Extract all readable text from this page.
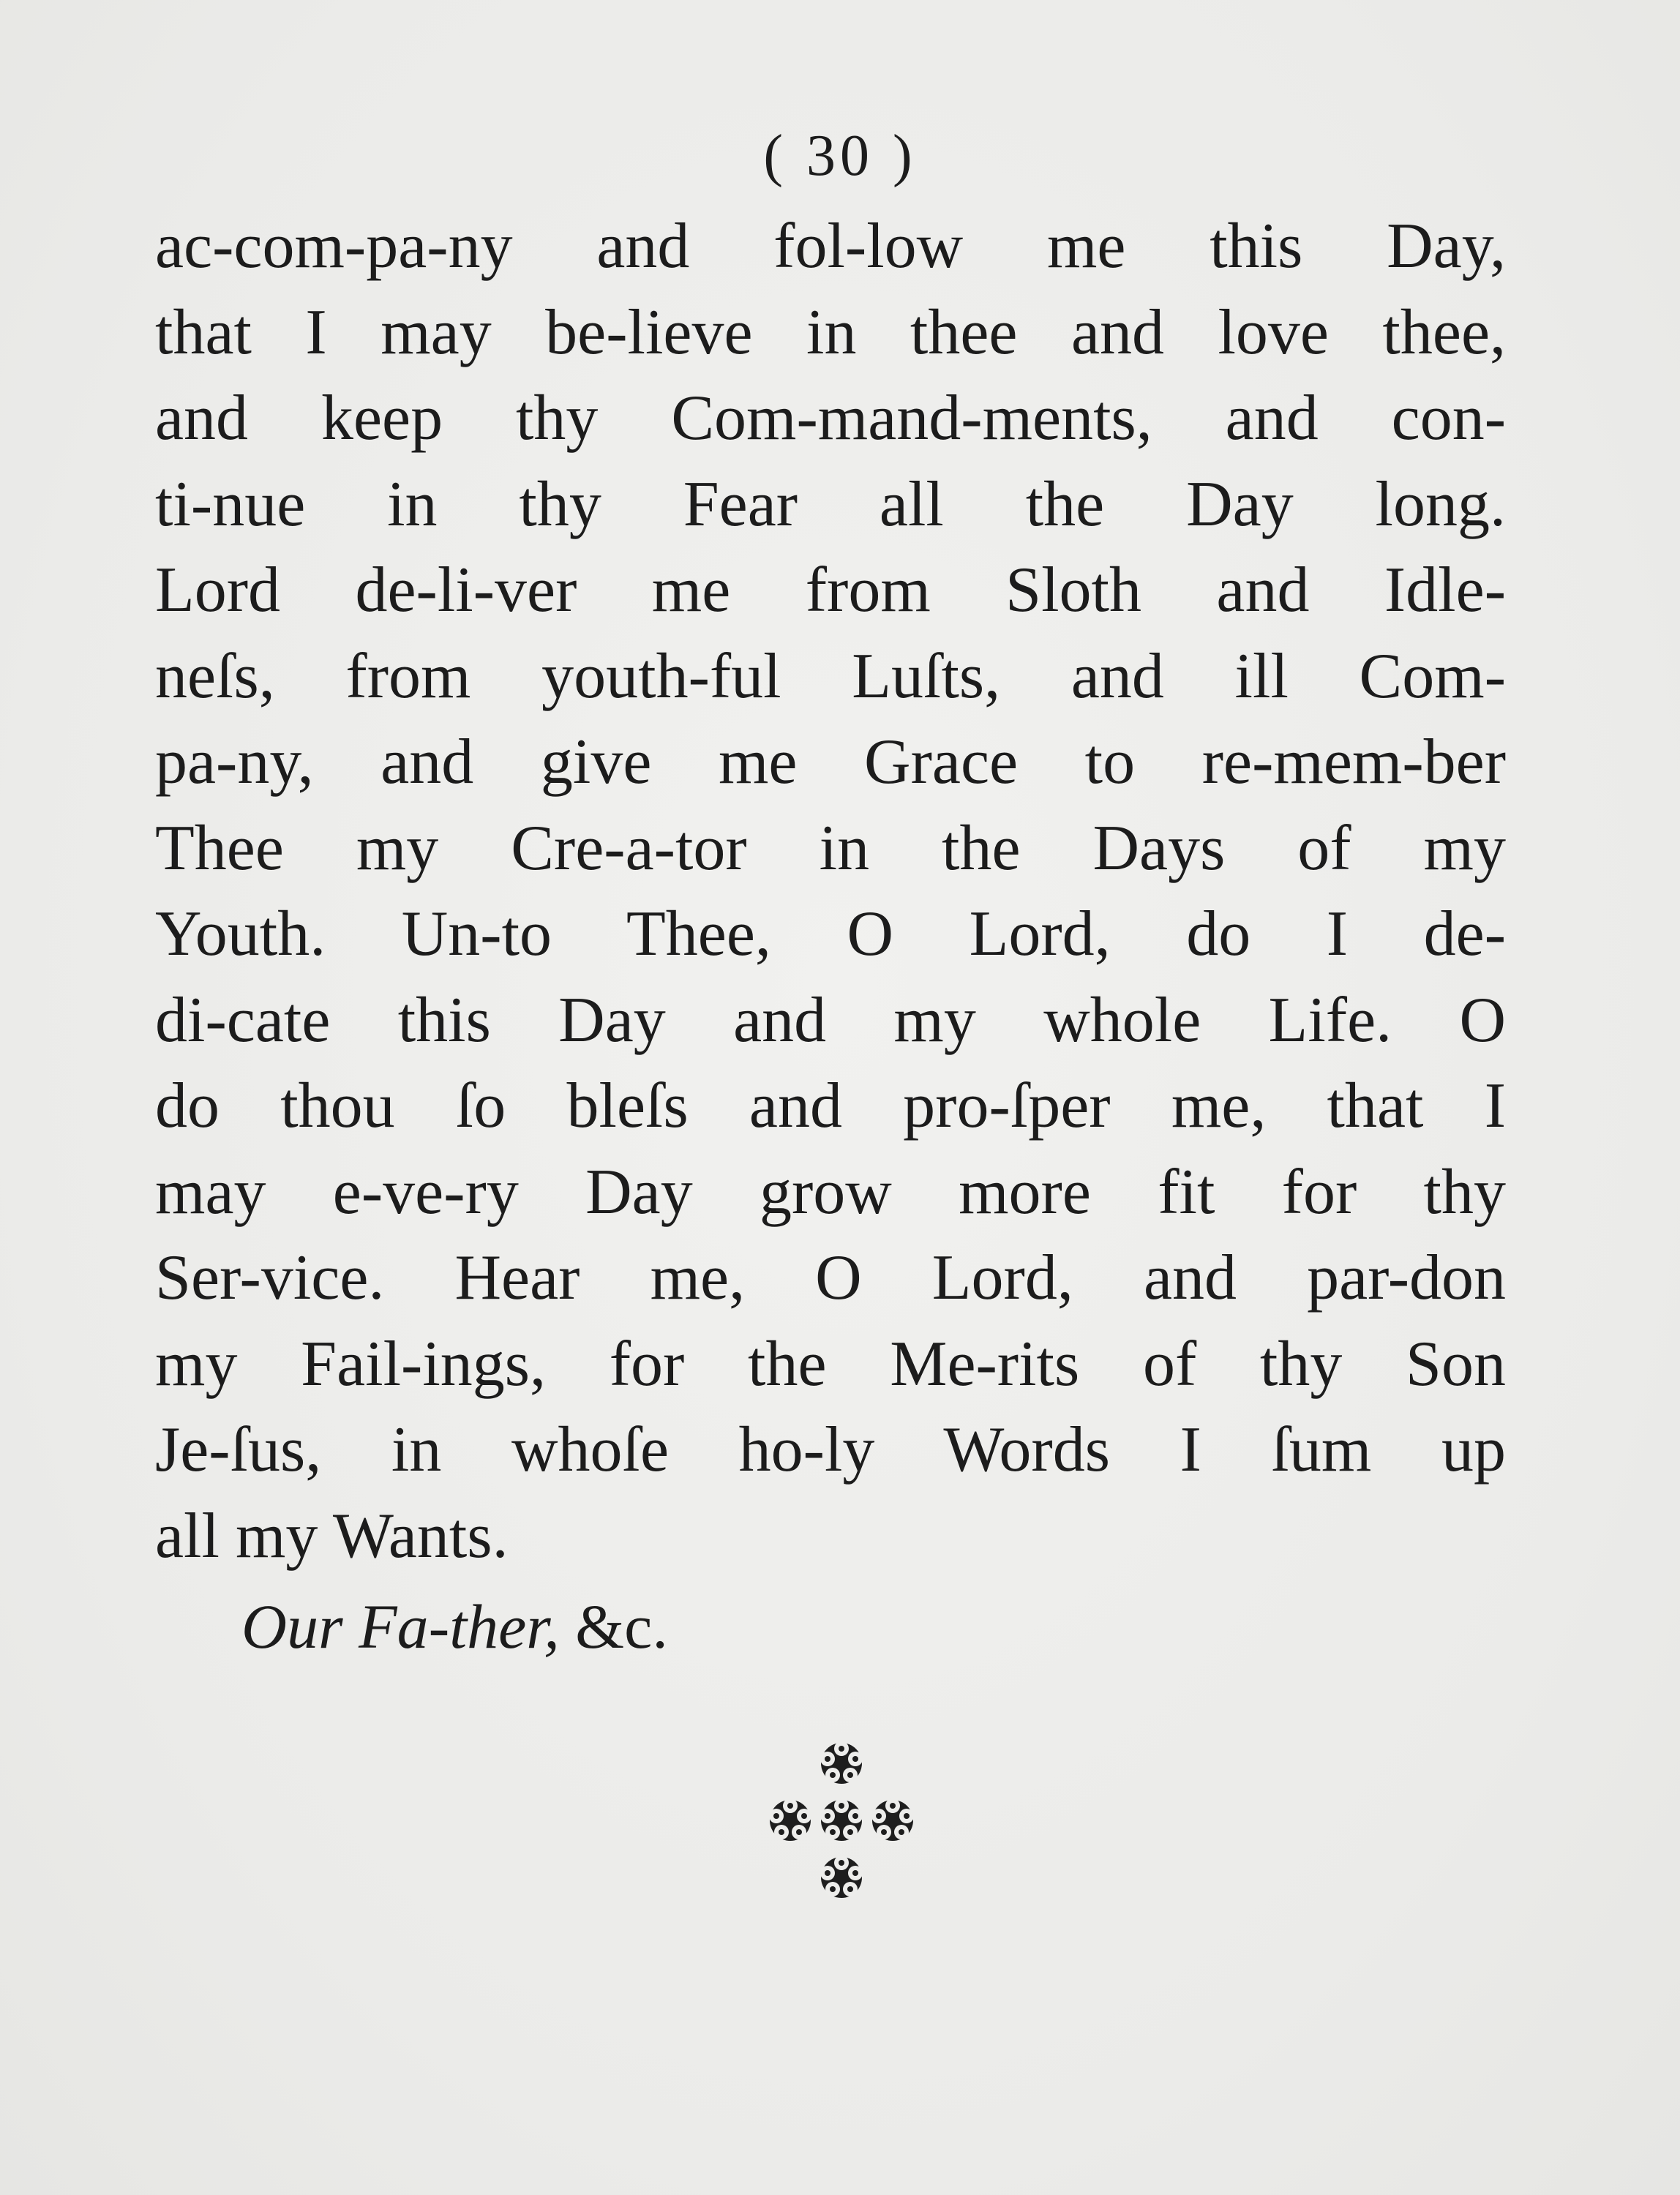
( 30 )
ac-com-pa-ny and fol-low me this Day,
that I may be-lieve in thee and love thee,
and keep thy Com-mand-ments, and con-
ti-nue in thy Fear all the Day long.
Lord de-li-ver me from Sloth and Idle-
neſs, from youth-ful Luſts, and ill Com-
pa-ny, and give me Grace to re-mem-ber
Thee my Cre-a-tor in the Days of my
Youth. Un-to Thee, O Lord, do I de-
di-cate this Day and my whole Life. O
do thou ſo bleſs and pro-ſper me, that I
may e-ve-ry Day grow more fit for thy
Ser-vice. Hear me, O Lord, and par-don
my Fail-ings, for the Me-rits of thy Son
Je-ſus, in whoſe ho-ly Words I ſum up
all my Wants.
Our Fa-ther, &c.
